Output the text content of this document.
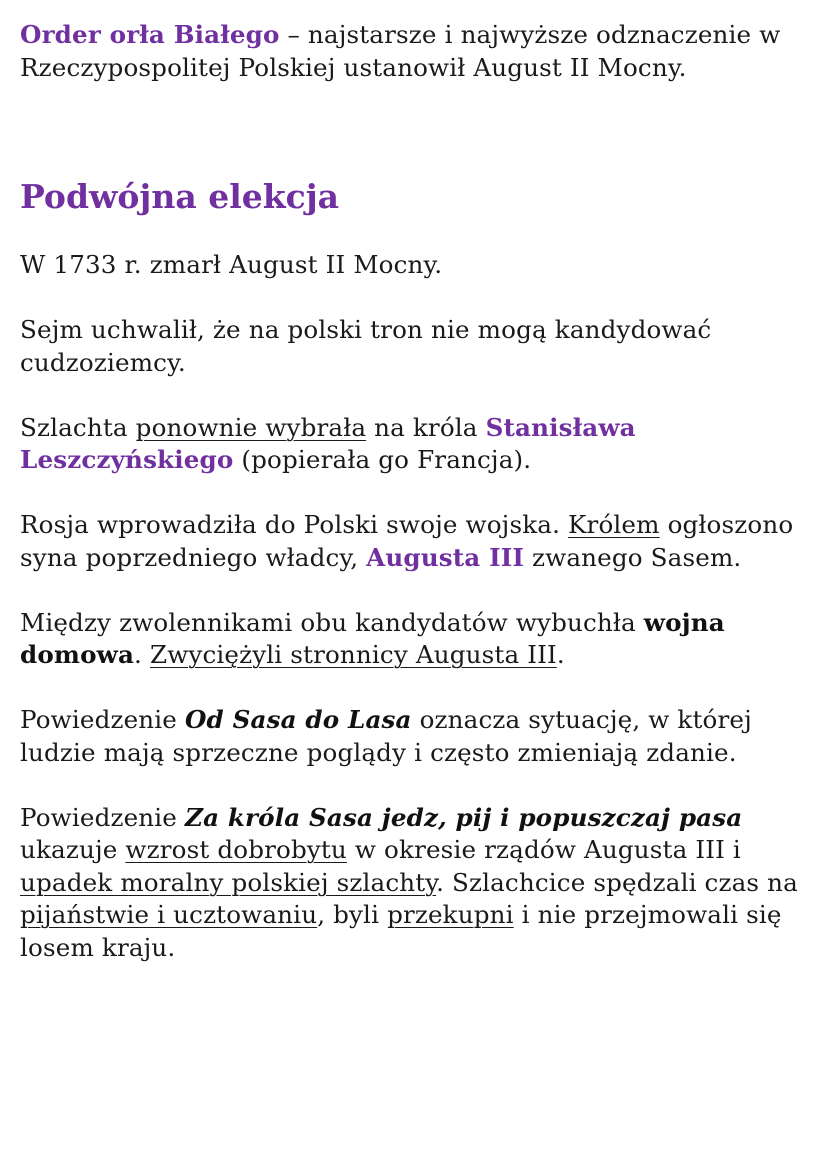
Order orła Białego – najstarsze i najwyższe odznaczenie w Rzeczypospolitej Polskiej ustanowił August II Mocny.

Podwójna elekcja

W 1733 r. zmarł August II Mocny.

Sejm uchwalił, że na polski tron nie mogą kandydować cudzoziemcy.

Szlachta ponownie wybrała na króla Stanisława Leszczyńskiego (popierała go Francja).

Rosja wprowadziła do Polski swoje wojska. Królem ogłoszono syna poprzedniego władcy, Augusta III zwanego Sasem.

Między zwolennikami obu kandydatów wybuchła wojna domowa. Zwyciężyli stronnicy Augusta III.

Powiedzenie Od Sasa do Lasa oznacza sytuację, w której ludzie mają sprzeczne poglądy i często zmieniają zdanie.

Powiedzenie Za króla Sasa jedz, pij i popuszczaj pasa ukazuje wzrost dobrobytu w okresie rządów Augusta III i upadek moralny polskiej szlachty. Szlachcice spędzali czas na pijaństwie i ucztowaniu, byli przekupni i nie przejmowali się losem kraju.
